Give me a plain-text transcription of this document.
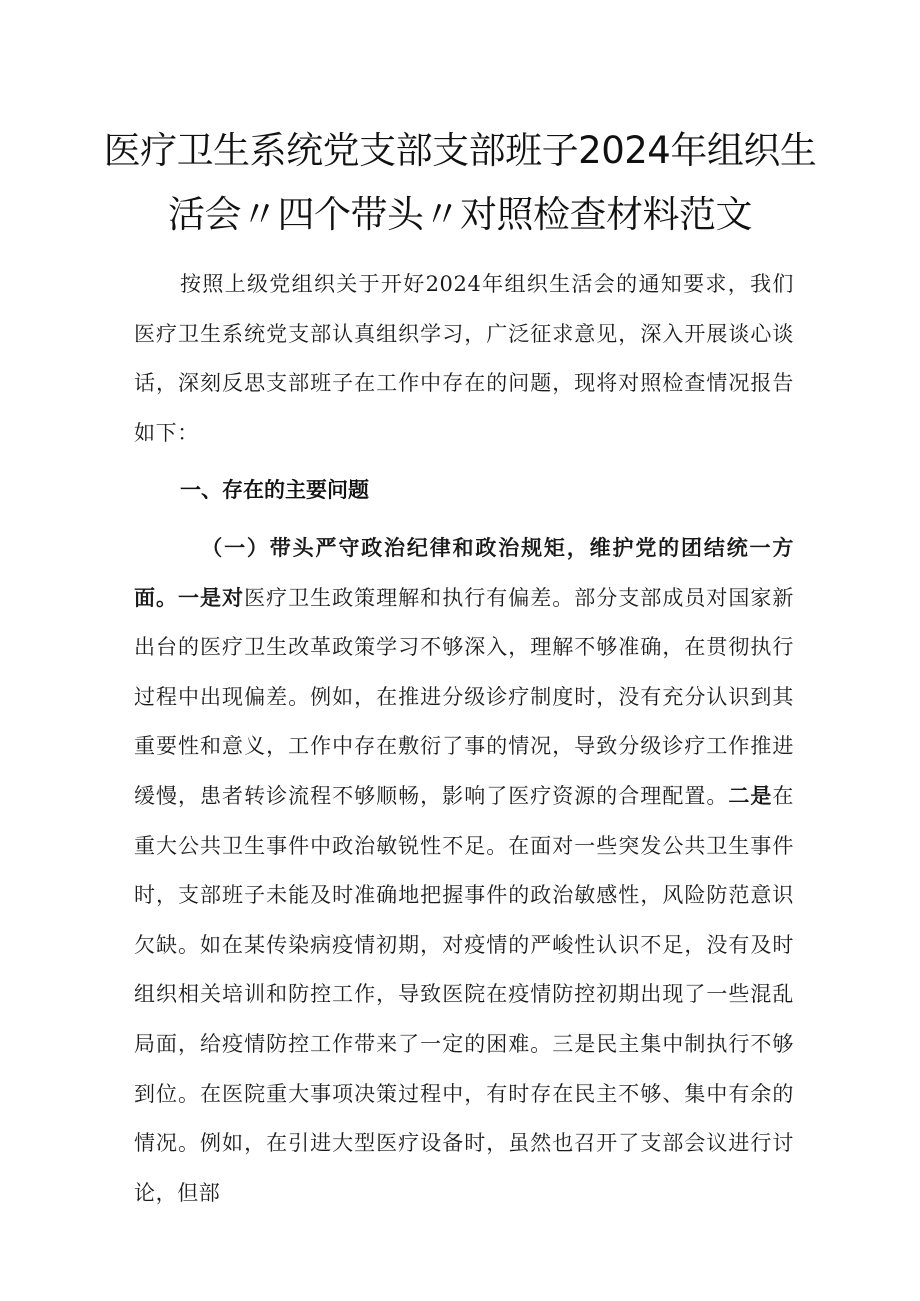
医疗卫生系统党支部支部班子2024年组织生
活会〃四个带头〃对照检查材料范文
按照上级党组织关于开好2024年组织生活会的通知要求，我们医疗卫生系统党支部认真组织学习，广泛征求意见，深入开展谈心谈话，深刻反思支部班子在工作中存在的问题，现将对照检查情况报告如下：
一、存在的主要问题
（一）带头严守政治纪律和政治规矩，维护党的团结统一方面。一是对医疗卫生政策理解和执行有偏差。部分支部成员对国家新出台的医疗卫生改革政策学习不够深入，理解不够准确，在贯彻执行过程中出现偏差。例如，在推进分级诊疗制度时，没有充分认识到其重要性和意义，工作中存在敷衍了事的情况，导致分级诊疗工作推进缓慢，患者转诊流程不够顺畅，影响了医疗资源的合理配置。二是在重大公共卫生事件中政治敏锐性不足。在面对一些突发公共卫生事件时，支部班子未能及时准确地把握事件的政治敏感性，风险防范意识欠缺。如在某传染病疫情初期，对疫情的严峻性认识不足，没有及时组织相关培训和防控工作，导致医院在疫情防控初期出现了一些混乱局面，给疫情防控工作带来了一定的困难。三是民主集中制执行不够到位。在医院重大事项决策过程中，有时存在民主不够、集中有余的情况。例如，在引进大型医疗设备时，虽然也召开了支部会议进行讨论，但部
